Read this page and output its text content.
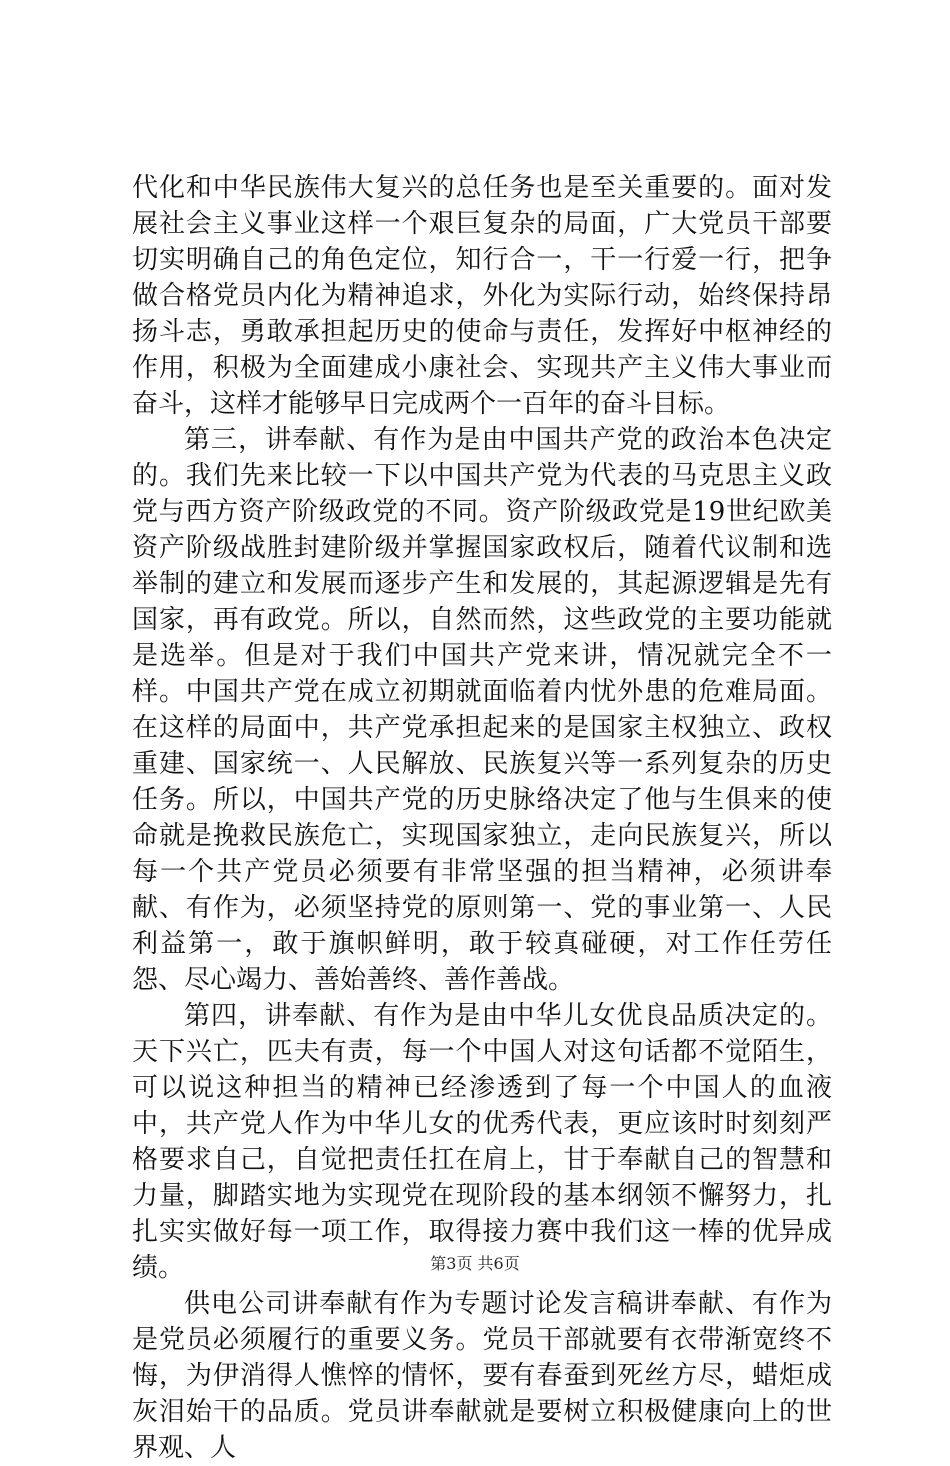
代化和中华民族伟大复兴的总任务也是至关重要的。面对发展社会主义事业这样一个艰巨复杂的局面，广大党员干部要切实明确自己的角色定位，知行合一，干一行爱一行，把争做合格党员内化为精神追求，外化为实际行动，始终保持昂扬斗志，勇敢承担起历史的使命与责任，发挥好中枢神经的作用，积极为全面建成小康社会、实现共产主义伟大事业而奋斗，这样才能够早日完成两个一百年的奋斗目标。

第三，讲奉献、有作为是由中国共产党的政治本色决定的。我们先来比较一下以中国共产党为代表的马克思主义政党与西方资产阶级政党的不同。资产阶级政党是19世纪欧美资产阶级战胜封建阶级并掌握国家政权后，随着代议制和选举制的建立和发展而逐步产生和发展的，其起源逻辑是先有国家，再有政党。所以，自然而然，这些政党的主要功能就是选举。但是对于我们中国共产党来讲，情况就完全不一样。中国共产党在成立初期就面临着内忧外患的危难局面。在这样的局面中，共产党承担起来的是国家主权独立、政权重建、国家统一、人民解放、民族复兴等一系列复杂的历史任务。所以，中国共产党的历史脉络决定了他与生俱来的使命就是挽救民族危亡，实现国家独立，走向民族复兴，所以每一个共产党员必须要有非常坚强的担当精神，必须讲奉献、有作为，必须坚持党的原则第一、党的事业第一、人民利益第一，敢于旗帜鲜明，敢于较真碰硬，对工作任劳任怨、尽心竭力、善始善终、善作善战。

第四，讲奉献、有作为是由中华儿女优良品质决定的。天下兴亡，匹夫有责，每一个中国人对这句话都不觉陌生，可以说这种担当的精神已经渗透到了每一个中国人的血液中，共产党人作为中华儿女的优秀代表，更应该时时刻刻严格要求自己，自觉把责任扛在肩上，甘于奉献自己的智慧和力量，脚踏实地为实现党在现阶段的基本纲领不懈努力，扎扎实实做好每一项工作，取得接力赛中我们这一棒的优异成绩。

供电公司讲奉献有作为专题讨论发言稿讲奉献、有作为是党员必须履行的重要义务。党员干部就要有衣带渐宽终不悔，为伊消得人憔悴的情怀，要有春蚕到死丝方尽，蜡炬成灰泪始干的品质。党员讲奉献就是要树立积极健康向上的世界观、人

第3页 共6页
